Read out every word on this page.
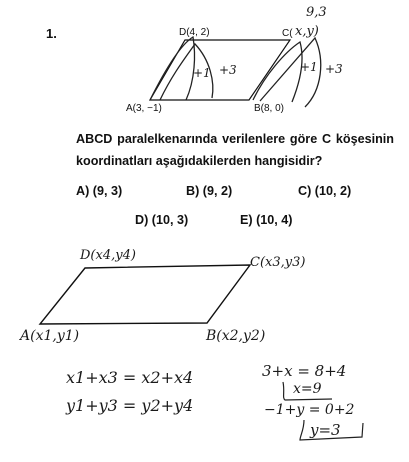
1.	D(4, 2)	C(
A(3, −1)	B(8, 0)
9,3
x,y)
+1 +3	+1 +3
ABCD paralelkenarında verilenlere göre C köşesinin koordinatları aşağıdakilerden hangisidir?
A) (9, 3)	B) (9, 2)	C) (10, 2)
D) (10, 3)	E) (10, 4)
D(x4,y4)	C(x3,y3)
A(x1,y1)	B(x2,y2)
x1+x3 = x2+x4
y1+y3 = y2+y4
3+x = 8+4
x=9
−1+y = 0+2
y=3
